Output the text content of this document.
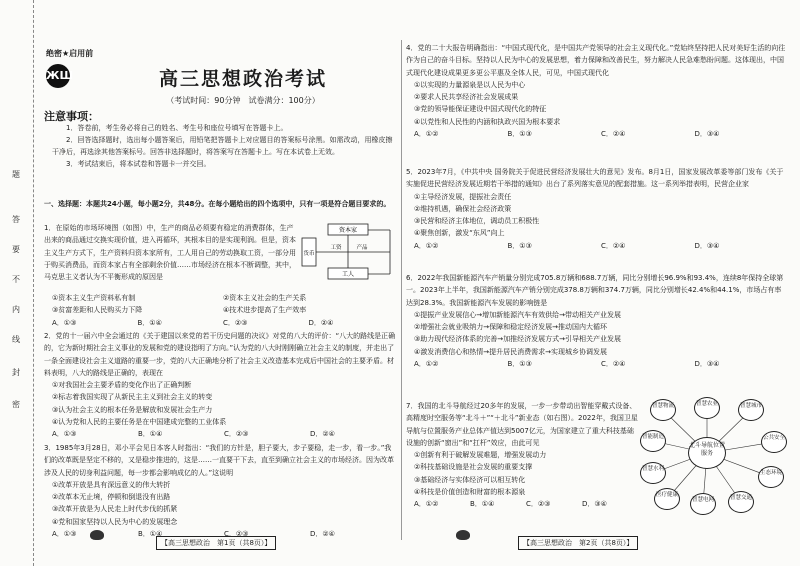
题
答
要
不
内
线
封
密
绝密★启用前
ЖШ	高三思想政治考试
（考试时间：90分钟　试卷满分：100分）
注意事项：

1．答卷前，考生务必将自己的姓名、考生号和座位号填写在答题卡上。

2．回答选择题时，选出每小题答案后，用铅笔把答题卡上对应题目的答案标号涂黑。如需改动，用橡皮擦干净后，再选涂其他答案标号。回答非选择题时，将答案写在答题卡上。写在本试卷上无效。

3．考试结束后，将本试卷和答题卡一并交回。

一、选择题：本题共24小题，每小题2分，共48分。在每小题给出的四个选项中，只有一项是符合题目要求的。
1．在原始的市场环境图（如图）中，生产的商品必须要有稳定的消费群体，生产出来的商品通过交换实现价值，进入再循环，其根本目的是实现利润。但是，资本主义生产方式下，生产资料归资本家所有，工人用自己的劳动换取工资，一部分用于购买消费品，而资本家占有全部剩余价值……市场经济在根本不断调整，其中，马克思主义者认为不平衡形成的原因是
资本家
工人
货币
工资	产品
①资本主义生产资料私有制	②资本主义社会的生产关系
③贫富差距和人民购买力下降	④技术进步提高了生产效率
A．①③	B．①④	C．②③	D．②④
2．党的十一届六中全会通过的《关于建国以来党的若干历史问题的决议》对党的八大的评价：“八大的路线是正确的，它为新时期社会主义事业的发展和党的建设指明了方向。”认为党的八大时刚刚确立社会主义的制度，并走出了一条全面建设社会主义道路的重要一步，党的八大正确地分析了社会主义改造基本完成后中国社会的主要矛盾。材料表明，八大的路线是正确的，表现在
①对我国社会主要矛盾的变化作出了正确判断
②标志着我国实现了从新民主主义到社会主义的转变
③认为社会主义的根本任务是解放和发展社会生产力
④认为党和人民的主要任务是在中国建成完整的工业体系
A．①③	B．①④	C．②③	D．②④
3．1985年3月28日，邓小平会见日本客人时指出：“我们的方针是，胆子要大，步子要稳，走一步，看一步。”我们的改革既是坚定不移的，又是稳步推进的，这是……一直要干下去，直至到确立社会主义的市场经济。因为改革涉及人民的切身利益问题，每一步都会影响成亿的人。”这说明
①改革开放是具有深远意义的伟大转折
②改革本无止境，停顿和倒退没有出路
③改革开放是为人民走上时代步伐的抓紧
④党和国家坚持以人民为中心的发展理念
A．①③	B．①④	C．②③	D．②④
【高三思想政治　第1页（共8页）】
4．党的二十大报告明确指出：“中国式现代化，是中国共产党领导的社会主义现代化。”党始终坚持把人民对美好生活的向往作为自己的奋斗目标。坚持以人民为中心的发展思想，着力保障和改善民生，努力解决人民急难愁盼问题。这体现出，中国式现代化建设成果更多更公平惠及全体人民，可见，中国式现代化
①以实现的力量源泉是以人民为中心
②要求人民共享经济社会发展成果
③党的领导能保证建设中国式现代化的特征
④以党性和人民性的内涵和执政兴国为根本要求
A．①②	B．①③	C．②④	D．③④
5．2023年7月，《中共中央 国务院关于促进民营经济发展壮大的意见》发布。8月1日，国家发展改革委等部门发布《关于实施促进民营经济发展近期若干举措的通知》出台了系列落实意见的配套措施。这一系列举措表明，民营企业家
①主导经济发展，提振社会责任
②维持机遇，确保社会经济政策
③民营和经济主体地位，调动员工积极性
④聚焦创新，激发“东风”向上
A．①②	B．①③	C．②④	D．③④
6．2022年我国新能源汽车产销量分别完成705.8万辆和688.7万辆，同比分别增长96.9%和93.4%，连续8年保持全球第一。2023年上半年，我国新能源汽车产销分别完成378.8万辆和374.7万辆，同比分别增长42.4%和44.1%，市场占有率达到28.3%。我国新能源汽车发展的影响链是
①提振产业发展信心→增加新能源汽车有效供给→带动相关产业发展
②增强社会就业吸纳力→保障和稳定经济发展→推动国内大循环
③助力现代经济体系的完善→加推经济发展方式→引导相关产业发展
④激发消费信心和热情→提升居民消费需求→实现城乡协调发展
A．①②	B．①③	C．②④	D．③④
7．我国的北斗导航经过20多年的发展，一步一步带动出智能穿戴式设备、高精度时空服务等“北斗＋”“＋北斗”新业态（如右图）。2022年，我国卫星导航与位置服务产业总体产值达到5007亿元，为国家建立了重大科技基础设施的创新“窗出”和“扛杆”效应，由此可见
①创新有利于破解发展难题，增强发展动力
②科技基础设施是社会发展的重要支撑
③基础经济与实体经济可以相互转化
④科技是价值创造和财富的根本源泉
A．①②	B．①④	C．②③	D．③④
【高三思想政治　第2页（共8页）】
智慧物流	智慧农业	智慧城市
公共安全
生态环境
智慧交通
智慧电网
医疗健康
智慧水利
智能制造
北斗导航位置服务
